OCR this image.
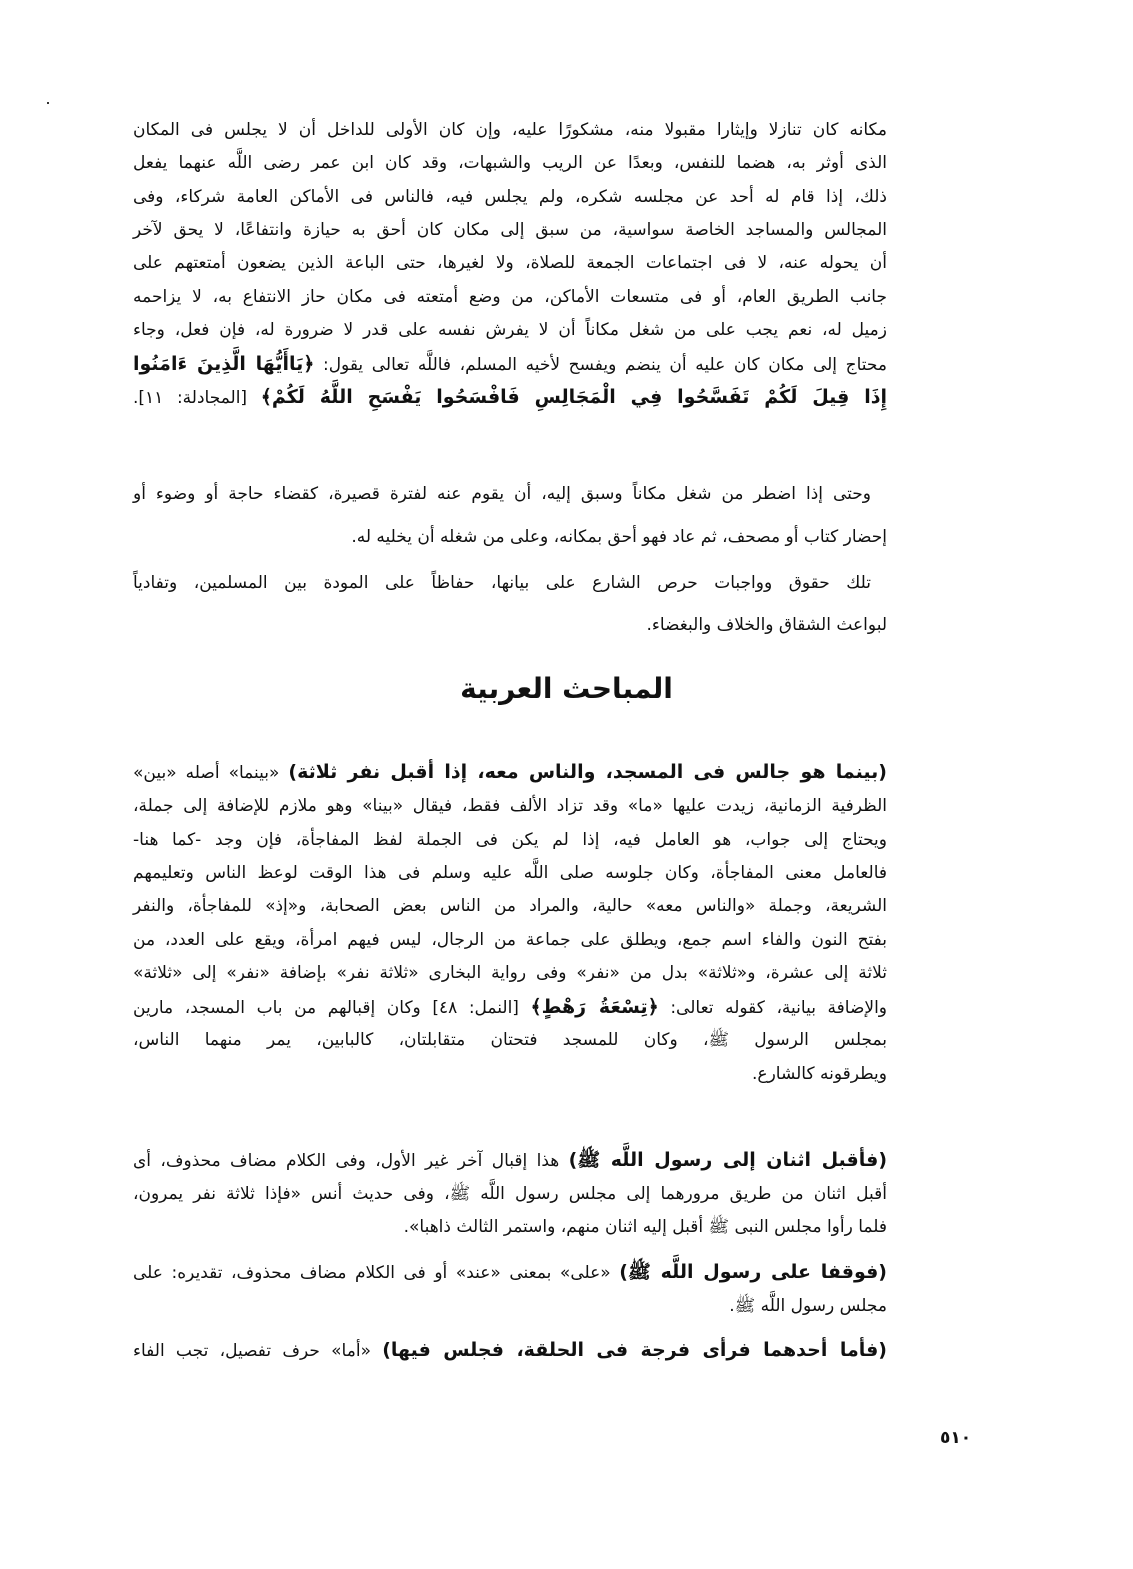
مكانه كان تنازلا وإيثارا مقبولا منه، مشكورًا عليه، وإن كان الأولى للداخل أن لا يجلس فى المكان
الذى أوثر به، هضما للنفس، وبعدًا عن الريب والشبهات، وقد كان ابن عمر رضى اللَّه عنهما يفعل
ذلك، إذا قام له أحد عن مجلسه شكره، ولم يجلس فيه، فالناس فى الأماكن العامة شركاء، وفى
المجالس والمساجد الخاصة سواسية، من سبق إلى مكان كان أحق به حيازة وانتفاعًا، لا يحق لآخر
أن يحوله عنه، لا فى اجتماعات الجمعة للصلاة، ولا لغيرها، حتى الباعة الذين يضعون أمتعتهم على
جانب الطريق العام، أو فى متسعات الأماكن، من وضع أمتعته فى مكان حاز الانتفاع به، لا يزاحمه
زميل له، نعم يجب على من شغل مكاناً أن لا يفرش نفسه على قدر لا ضرورة له، فإن فعل، وجاء
محتاج إلى مكان كان عليه أن ينضم ويفسح لأخيه المسلم، فاللَّه تعالى يقول: ﴿يَاأَيُّهَا الَّذِينَ ءَامَنُوا
إِذَا قِيلَ لَكُمْ تَفَسَّحُوا فِي الْمَجَالِسِ فَافْسَحُوا يَفْسَحِ اللَّهُ لَكُمْ﴾ [المجادلة: ١١].
وحتى إذا اضطر من شغل مكاناً وسبق إليه، أن يقوم عنه لفترة قصيرة، كقضاء حاجة أو وضوء أو
إحضار كتاب أو مصحف، ثم عاد فهو أحق بمكانه، وعلى من شغله أن يخليه له.
تلك حقوق وواجبات حرص الشارع على بيانها، حفاظاً على المودة بين المسلمين، وتفادياً
لبواعث الشقاق والخلاف والبغضاء.
(بينما هو جالس فى المسجد، والناس معه، إذا أقبل نفر ثلاثة) «بينما» أصله «بين»
الظرفية الزمانية، زيدت عليها «ما» وقد تزاد الألف فقط، فيقال «بينا» وهو ملازم للإضافة إلى جملة،
ويحتاج إلى جواب، هو العامل فيه، إذا لم يكن فى الجملة لفظ المفاجأة، فإن وجد -كما هنا-
فالعامل معنى المفاجأة، وكان جلوسه صلى اللَّه عليه وسلم فى هذا الوقت لوعظ الناس وتعليمهم
الشريعة، وجملة «والناس معه» حالية، والمراد من الناس بعض الصحابة، و«إذ» للمفاجأة، والنفر
بفتح النون والفاء اسم جمع، ويطلق على جماعة من الرجال، ليس فيهم امرأة، ويقع على العدد، من
ثلاثة إلى عشرة، و«ثلاثة» بدل من «نفر» وفى رواية البخارى «ثلاثة نفر» بإضافة «نفر» إلى «ثلاثة»
والإضافة بيانية، كقوله تعالى: ﴿تِسْعَةُ رَهْطٍ﴾ [النمل: ٤٨] وكان إقبالهم من باب المسجد، مارين
بمجلس الرسول ﷺ، وكان للمسجد فتحتان متقابلتان، كالبابين، يمر منهما الناس،
ويطرقونه كالشارع.
(فأقبل اثنان إلى رسول اللَّه ﷺ) هذا إقبال آخر غير الأول، وفى الكلام مضاف محذوف، أى
أقبل اثنان من طريق مرورهما إلى مجلس رسول اللَّه ﷺ، وفى حديث أنس «فإذا ثلاثة نفر يمرون،
فلما رأوا مجلس النبى ﷺ أقبل إليه اثنان منهم، واستمر الثالث ذاهبا».
(فوقفا على رسول اللَّه ﷺ) «على» بمعنى «عند» أو فى الكلام مضاف محذوف، تقديره: على
مجلس رسول اللَّه ﷺ.
(فأما أحدهما فرأى فرجة فى الحلقة، فجلس فيها) «أما» حرف تفصيل، تجب الفاء
المباحث العربية
٥١٠
